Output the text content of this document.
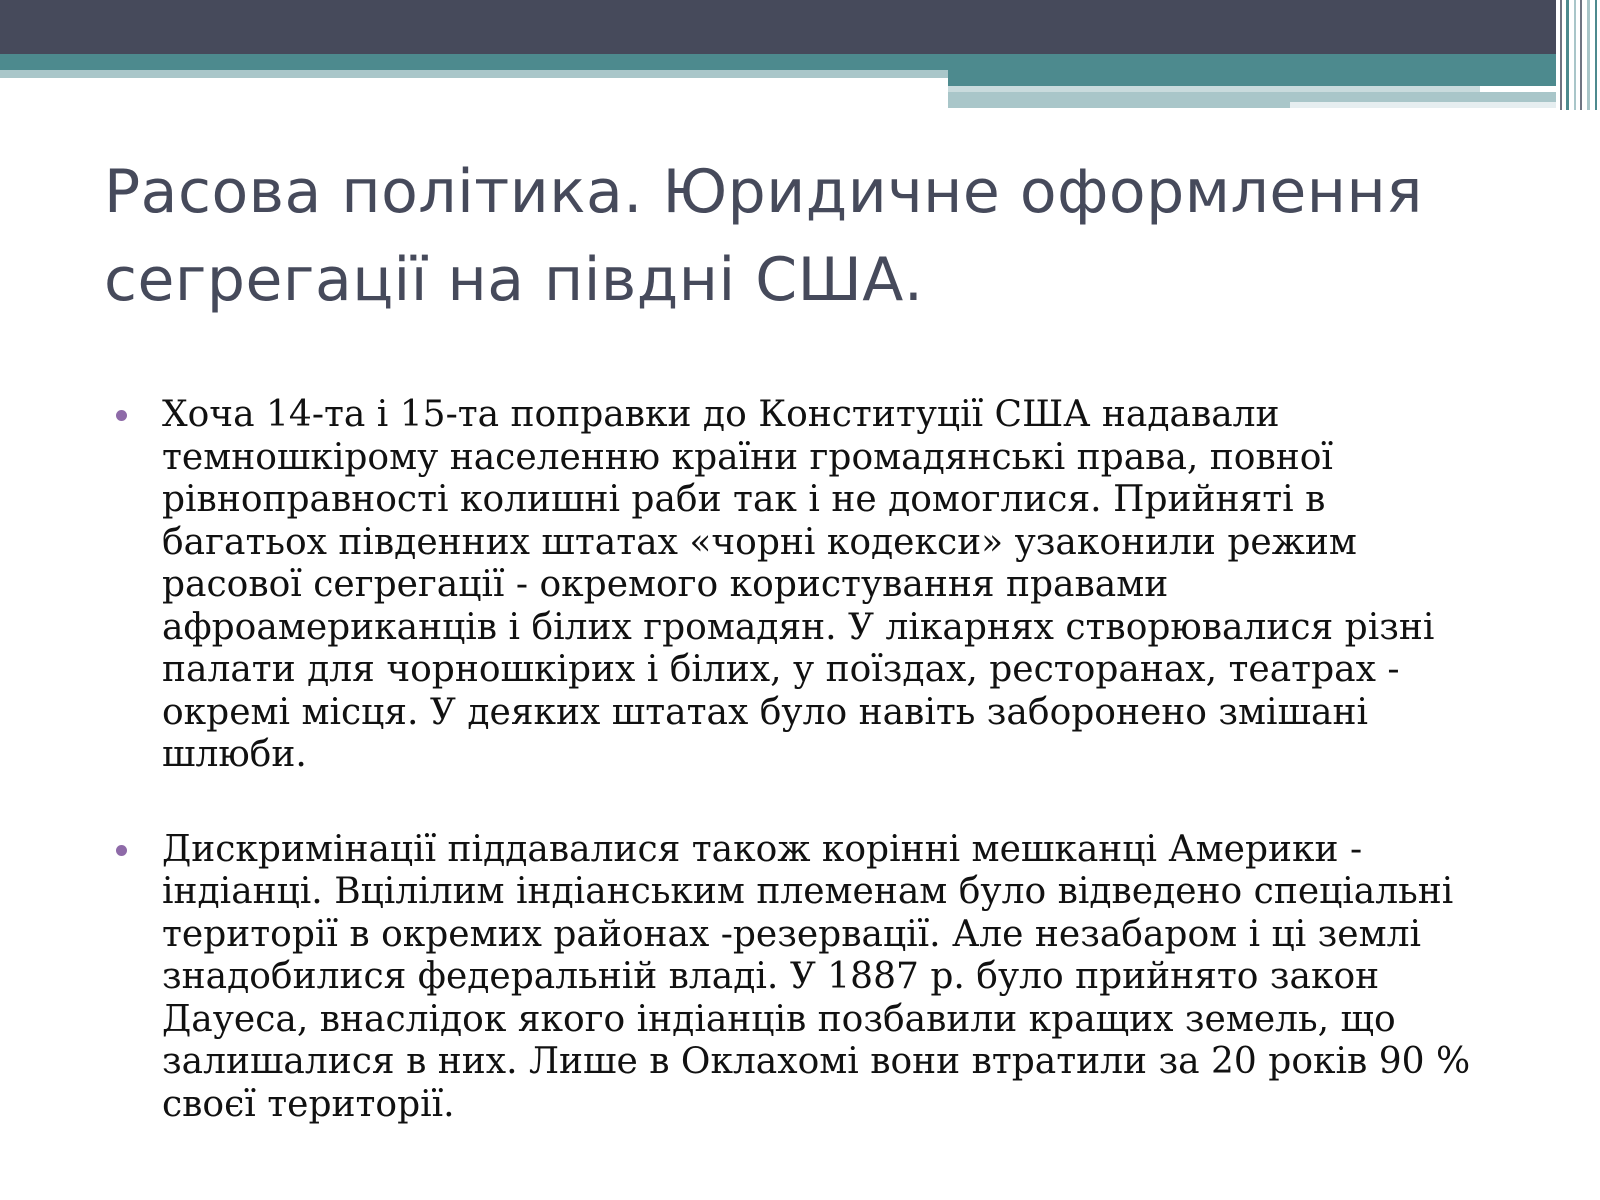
Расова політика. Юридичне оформлення сегрегації на півдні США.
Хоча 14-та і 15-та поправки до Конституції США надавали темношкірому населенню країни громадянські права, повної рівноправності колишні раби так і не домоглися. Прийняті в багатьох південних штатах «чорні кодекси» узаконили режим расової сегрегації - окремого користування правами афроамериканців і білих громадян. У лікарнях створювалися різні палати для чорношкірих і білих, у поїздах, ресторанах, театрах - окремі місця. У деяких штатах було навіть заборонено змішані шлюби.
Дискримінації піддавалися також корінні мешканці Америки - індіанці. Вцілілим індіанським племенам було відведено спеціальні території в окремих районах -резервації. Але незабаром і ці землі знадобилися федеральній владі. У 1887 р. було прийнято закон Дауеса, внаслідок якого індіанців позбавили кращих земель, що залишалися в них. Лише в Оклахомі вони втратили за 20 років 90 % своєї території.
